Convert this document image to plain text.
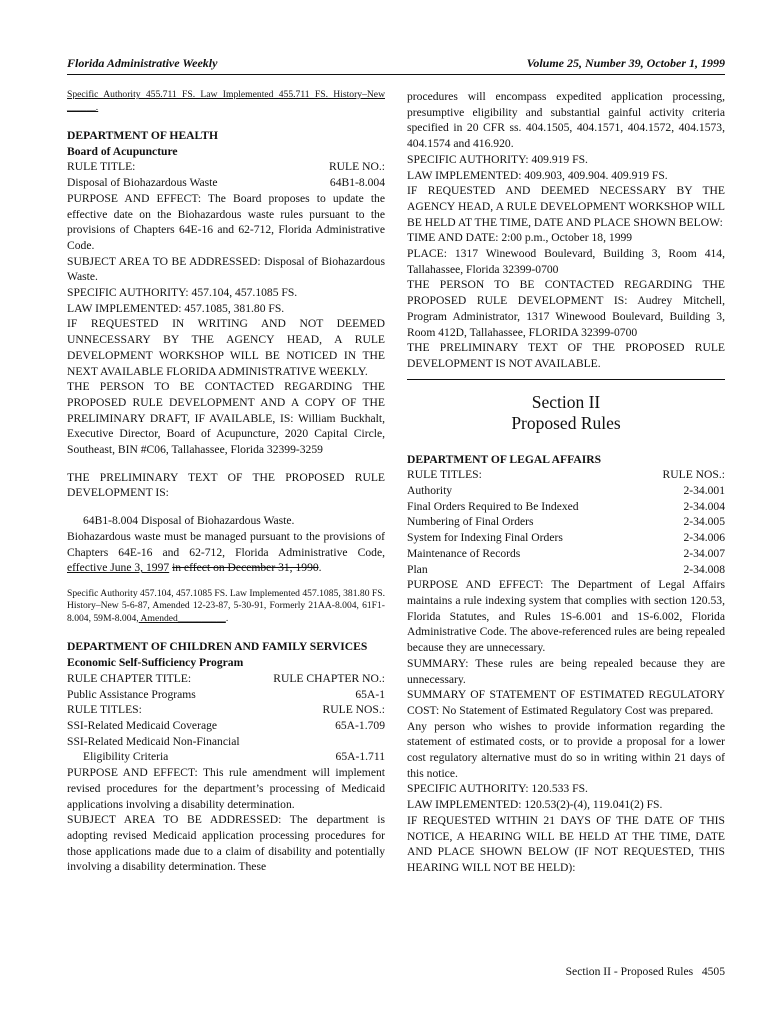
Florida Administrative Weekly	Volume 25, Number 39, October 1, 1999

Specific Authority 455.711 FS. Law Implemented 455.711 FS. History–New ______.

DEPARTMENT OF HEALTH

Board of Acupuncture

RULE TITLE:	RULE NO.:
Disposal of Biohazardous Waste	64B1-8.004

PURPOSE AND EFFECT: The Board proposes to update the effective date on the Biohazardous waste rules pursuant to the provisions of Chapters 64E-16 and 62-712, Florida Administrative Code.

SUBJECT AREA TO BE ADDRESSED: Disposal of Biohazardous Waste.

SPECIFIC AUTHORITY: 457.104, 457.1085 FS.

LAW IMPLEMENTED: 457.1085, 381.80 FS.

IF REQUESTED IN WRITING AND NOT DEEMED UNNECESSARY BY THE AGENCY HEAD, A RULE DEVELOPMENT WORKSHOP WILL BE NOTICED IN THE NEXT AVAILABLE FLORIDA ADMINISTRATIVE WEEKLY.

THE PERSON TO BE CONTACTED REGARDING THE PROPOSED RULE DEVELOPMENT AND A COPY OF THE PRELIMINARY DRAFT, IF AVAILABLE, IS: William Buckhalt, Executive Director, Board of Acupuncture, 2020 Capital Circle, Southeast, BIN #C06, Tallahassee, Florida 32399-3259

THE PRELIMINARY TEXT OF THE PROPOSED RULE DEVELOPMENT IS:

64B1-8.004 Disposal of Biohazardous Waste.

Biohazardous waste must be managed pursuant to the provisions of Chapters 64E-16 and 62-712, Florida Administrative Code, effective June 3, 1997 in effect on December 31, 1990.

Specific Authority 457.104, 457.1085 FS. Law Implemented 457.1085, 381.80 FS. History–New 5-6-87, Amended 12-23-87, 5-30-91, Formerly 21AA-8.004, 61F1-8.004, 59M-8.004, Amended__________.

DEPARTMENT OF CHILDREN AND FAMILY SERVICES

Economic Self-Sufficiency Program

RULE CHAPTER TITLE:	RULE CHAPTER NO.:
Public Assistance Programs	65A-1
RULE TITLES:	RULE NOS.:
SSI-Related Medicaid Coverage	65A-1.709

SSI-Related Medicaid Non-Financial

Eligibility Criteria	65A-1.711

PURPOSE AND EFFECT: This rule amendment will implement revised procedures for the department’s processing of Medicaid applications involving a disability determination.

SUBJECT AREA TO BE ADDRESSED: The department is adopting revised Medicaid application processing procedures for those applications made due to a claim of disability and potentially involving a disability determination. These

procedures will encompass expedited application processing, presumptive eligibility and substantial gainful activity criteria specified in 20 CFR ss. 404.1505, 404.1571, 404.1572, 404.1573, 404.1574 and 416.920.

SPECIFIC AUTHORITY: 409.919 FS.

LAW IMPLEMENTED: 409.903, 409.904. 409.919 FS.

IF REQUESTED AND DEEMED NECESSARY BY THE AGENCY HEAD, A RULE DEVELOPMENT WORKSHOP WILL BE HELD AT THE TIME, DATE AND PLACE SHOWN BELOW:

TIME AND DATE: 2:00 p.m., October 18, 1999

PLACE: 1317 Winewood Boulevard, Building 3, Room 414, Tallahassee, Florida 32399-0700

THE PERSON TO BE CONTACTED REGARDING THE PROPOSED RULE DEVELOPMENT IS: Audrey Mitchell, Program Administrator, 1317 Winewood Boulevard, Building 3, Room 412D, Tallahassee, FLORIDA 32399-0700

THE PRELIMINARY TEXT OF THE PROPOSED RULE DEVELOPMENT IS NOT AVAILABLE.

Section II

Proposed Rules

DEPARTMENT OF LEGAL AFFAIRS

RULE TITLES:	RULE NOS.:
Authority	2-34.001
Final Orders Required to Be Indexed	2-34.004
Numbering of Final Orders	2-34.005
System for Indexing Final Orders	2-34.006
Maintenance of Records	2-34.007
Plan	2-34.008

PURPOSE AND EFFECT: The Department of Legal Affairs maintains a rule indexing system that complies with section 120.53, Florida Statutes, and Rules 1S-6.001 and 1S-6.002, Florida Administrative Code. The above-referenced rules are being repealed because they are unnecessary.

SUMMARY: These rules are being repealed because they are unnecessary.

SUMMARY OF STATEMENT OF ESTIMATED REGULATORY COST: No Statement of Estimated Regulatory Cost was prepared.

Any person who wishes to provide information regarding the statement of estimated costs, or to provide a proposal for a lower cost regulatory alternative must do so in writing within 21 days of this notice.

SPECIFIC AUTHORITY: 120.533 FS.

LAW IMPLEMENTED: 120.53(2)-(4), 119.041(2) FS.

IF REQUESTED WITHIN 21 DAYS OF THE DATE OF THIS NOTICE, A HEARING WILL BE HELD AT THE TIME, DATE AND PLACE SHOWN BELOW (IF NOT REQUESTED, THIS HEARING WILL NOT BE HELD):

Section II - Proposed Rules 4505
